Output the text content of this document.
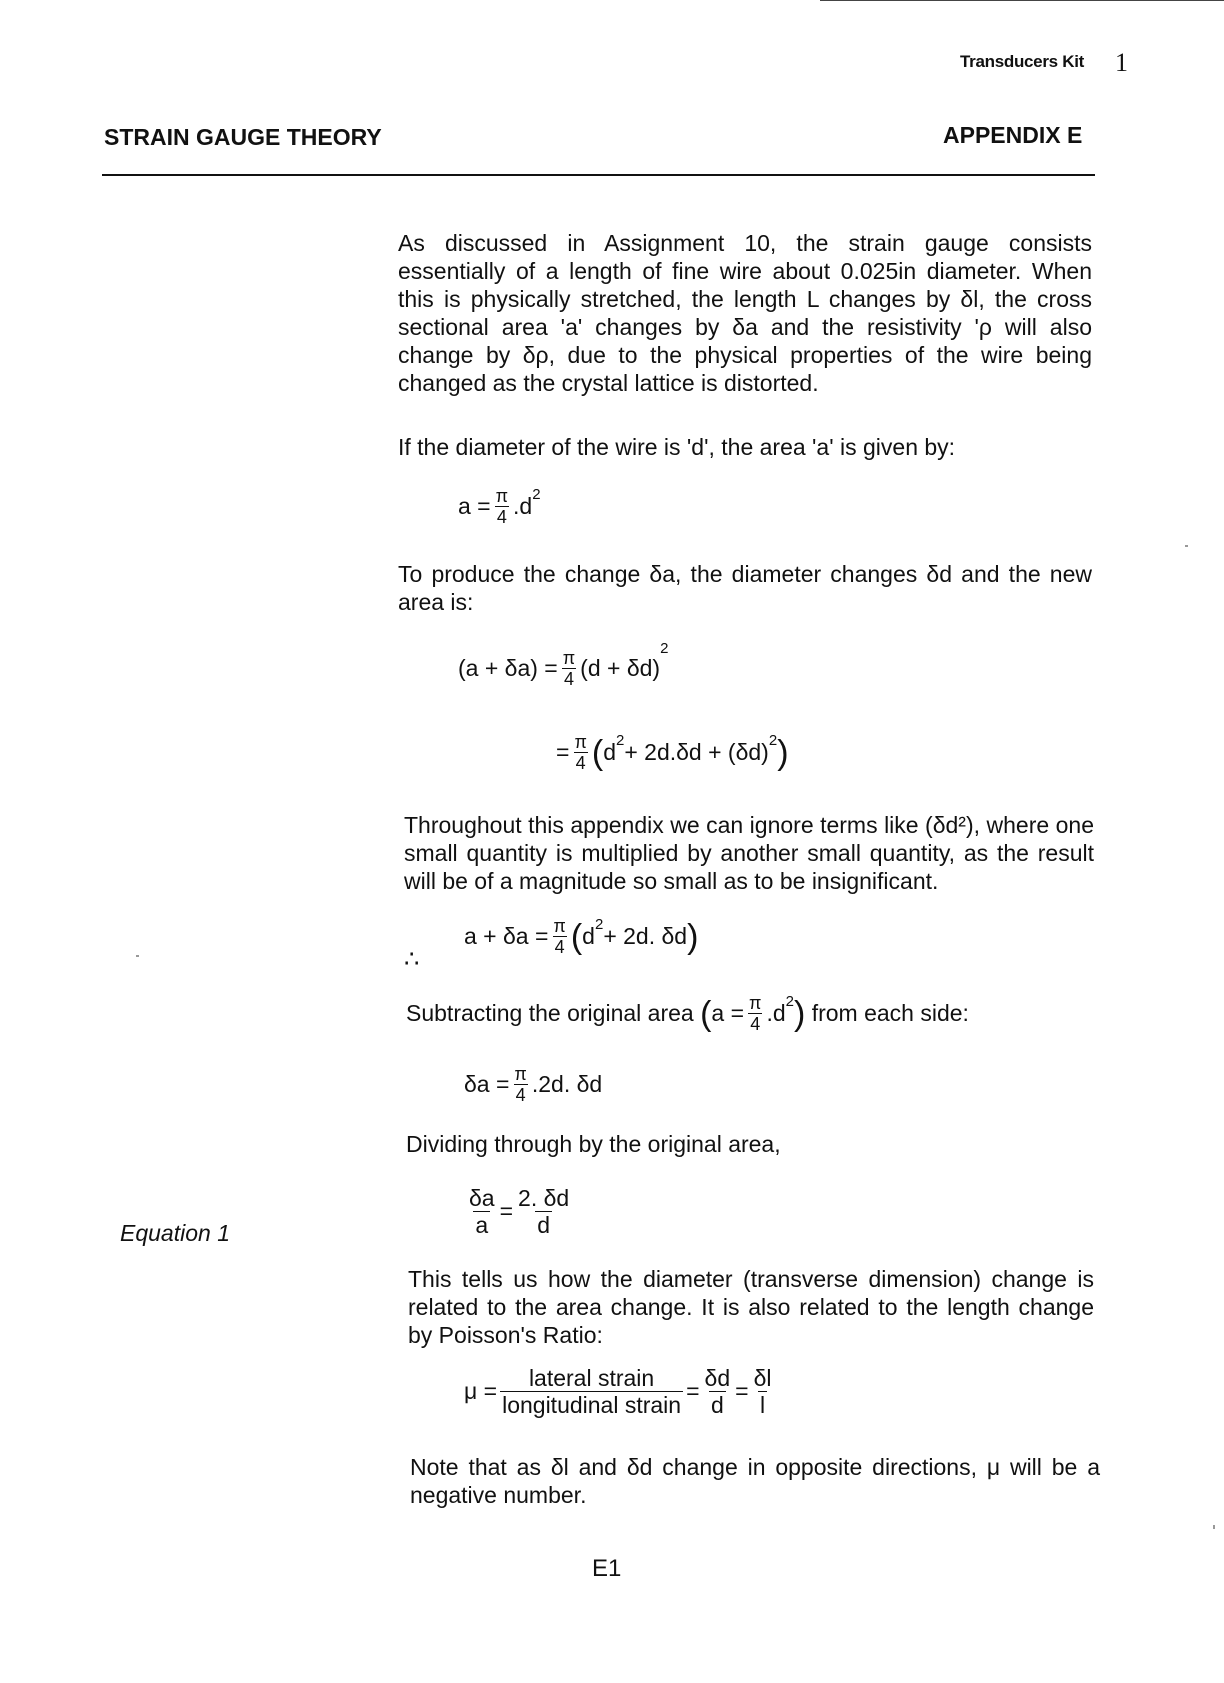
Transducers Kit 1
STRAIN GAUGE THEORY	APPENDIX E

As discussed in Assignment 10, the strain gauge consists essentially of a length of fine wire about 0.025in diameter. When this is physically stretched, the length L changes by δl, the cross sectional area 'a' changes by δa and the resistivity 'ρ will also change by δρ, due to the physical properties of the wire being changed as the crystal lattice is distorted.

If the diameter of the wire is 'd', the area 'a' is given by:

$a = \frac{\pi}{4} .d$ 2

To produce the change δa, the diameter changes δd and the new area is:

$(a + \delta a) = \frac{\pi}{4} (d + \delta d)$
2
= $\frac{\pi}{4}$ ( d 2 + 2d.δd + (δd) 2 )

Throughout this appendix we can ignore terms like (δd²), where one small quantity is multiplied by another small quantity, as the result will be of a magnitude so small as to be insignificant.

∴
$a + \delta a = \frac{\pi}{4}$ ( d 2 + 2d. δd )
Subtracting the original area
( $a = \frac{\pi}{4} .d$ 2 )
from each side:
$\delta a = \frac{\pi}{4} .2d$. δd

Dividing through by the original area,

Equation 1	$\frac{\delta a}{a} = \frac{2. \delta d}{d}$

This tells us how the diameter (transverse dimension) change is related to the area change. It is also related to the length change by Poisson's Ratio:

$\mu = \frac{\text{lateral strain}}{\text{longitudinal strain}} = \frac{\delta d}{d} = \frac{\delta l}{l}$

Note that as δl and δd change in opposite directions, μ will be a negative number.

E1
